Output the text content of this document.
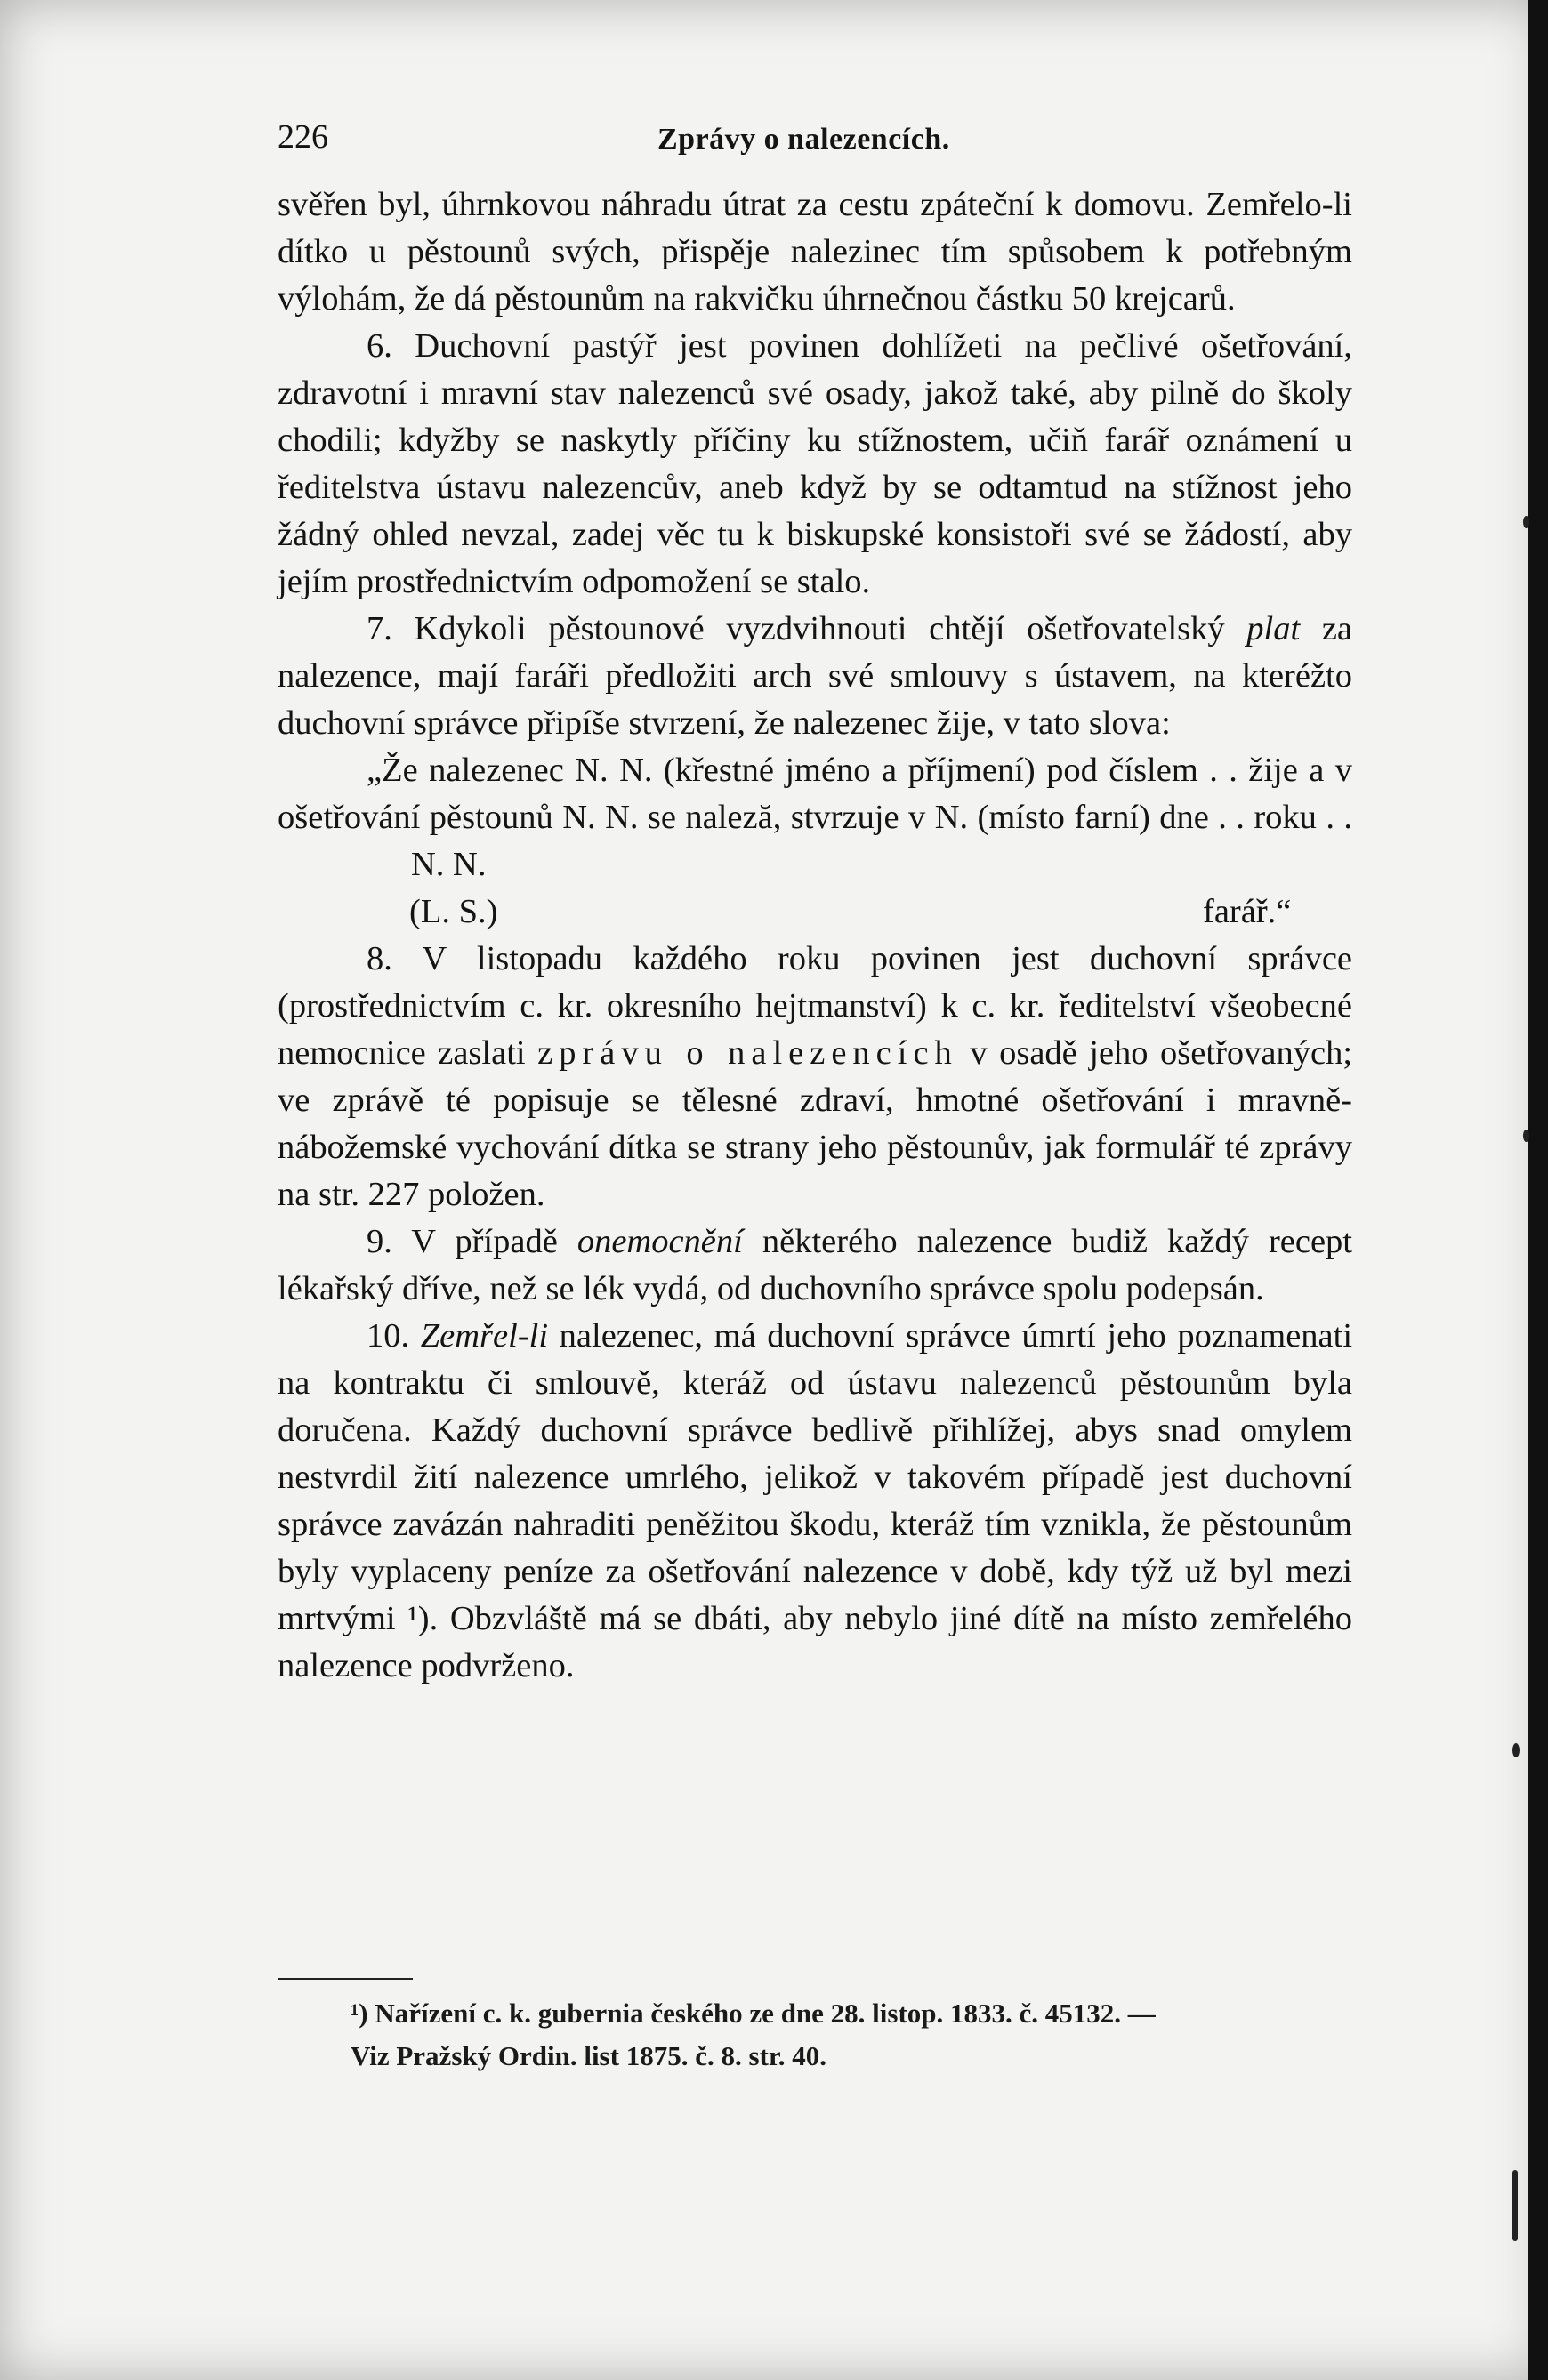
226	Zprávy o nalezencích.

svěřen byl, úhrnkovou náhradu útrat za cestu zpáteční k domovu. Zemřelo-li dítko u pěstounů svých, přispěje nalezinec tím spůsobem k potřebným výlohám, že dá pěstounům na rakvičku úhrnečnou částku 50 krejcarů.

6. Duchovní pastýř jest povinen dohlížeti na pečlivé ošetřování, zdravotní i mravní stav nalezenců své osady, jakož také, aby pilně do školy chodili; kdyžby se naskytly příčiny ku stížnostem, učiň farář oznámení u ředitelstva ústavu nalezencův, aneb když by se odtamtud na stížnost jeho žádný ohled nevzal, zadej věc tu k biskupské konsistoři své se žádostí, aby jejím prostřednictvím odpomožení se stalo.

7. Kdykoli pěstounové vyzdvihnouti chtějí ošetřovatelský plat za nalezence, mají faráři předložiti arch své smlouvy s ústavem, na kteréžto duchovní správce připíše stvrzení, že nalezenec žije, v tato slova:

„Že nalezenec N. N. (křestné jméno a příjmení) pod číslem . . žije a v ošetřování pěstounů N. N. se naleză, stvrzuje v N. (místo farní) dne . . roku . .N. N.

(L. S.)	farář.“

8. V listopadu každého roku povinen jest duchovní správce (prostřednictvím c. kr. okresního hejtmanství) k c. kr. ředitelství všeobecné nemocnice zaslati zprávu o nalezencích v osadě jeho ošetřovaných; ve zprávě té popisuje se tělesné zdraví, hmotné ošetřování i mravně-nábožemské vychování dítka se strany jeho pěstounův, jak formulář té zprávy na str. 227 položen.

9. V případě onemocnění některého nalezence budiž každý recept lékařský dříve, než se lék vydá, od duchovního správce spolu podepsán.

10. Zemřel-li nalezenec, má duchovní správce úmrtí jeho poznamenati na kontraktu či smlouvě, kteráž od ústavu nalezenců pěstounům byla doručena. Každý duchovní správce bedlivě přihlížej, abys snad omylem nestvrdil žití nalezence umrlého, jelikož v takovém případě jest duchovní správce zavázán nahraditi peněžitou škodu, kteráž tím vznikla, že pěstounům byly vyplaceny peníze za ošetřování nalezence v době, kdy týž už byl mezi mrtvými ¹). Obzvláště má se dbáti, aby nebylo jiné dítě na místo zemřelého nalezence podvrženo.

¹) Nařízení c. k. gubernia českého ze dne 28. listop. 1833. č. 45132. —

Viz Pražský Ordin. list 1875. č. 8. str. 40.
